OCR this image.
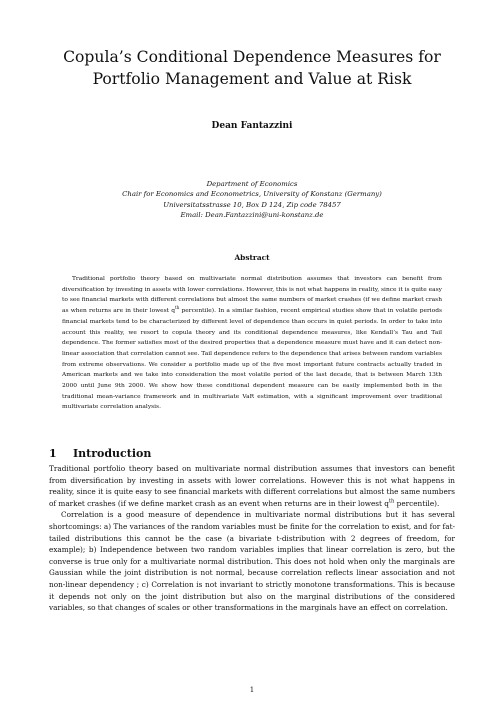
Copula’s Conditional Dependence Measures for
Portfolio Management and Value at Risk
Dean Fantazzini
Department of Economics
Chair for Economics and Econometrics, University of Konstanz (Germany)
Universitatsstrasse 10, Box D 124, Zip code 78457
Email: Dean.Fantazzini@uni-konstanz.de
Abstract

Traditional portfolio theory based on multivariate normal distribution assumes that investors can benefit from diversification by investing in assets with lower correlations. However, this is not what happens in reality, since it is quite easy to see financial markets with different correlations but almost the same numbers of market crashes (if we define market crash as when returns are in their lowest $q^{th}$ percentile). In a similar fashion, recent empirical studies show that in volatile periods financial markets tend to be characterized by different level of dependence than occurs in quiet periods. In order to take into account this reality, we resort to copula theory and its conditional dependence measures, like Kendall’s Tau and Tail dependence. The former satisfies most of the desired properties that a dependence measure must have and it can detect non-linear association that correlation cannot see. Tail dependence refers to the dependence that arises between random variables from extreme observations. We consider a portfolio made up of the five most important future contracts actually traded in American markets and we take into consideration the most volatile period of the last decade, that is between March 13th 2000 until June 9th 2000. We show how these conditional dependent measure can be easily implemented both in the traditional mean-variance framework and in multivariate VaR estimation, with a significant improvement over traditional multivariate correlation analysis.

1 Introduction

Traditional portfolio theory based on multivariate normal distribution assumes that investors can benefit from diversification by investing in assets with lower correlations. However this is not what happens in reality, since it is quite easy to see financial markets with different correlations but almost the same numbers of market crashes (if we define market crash as an event when returns are in their lowest $q^{th}$ percentile).

Correlation is a good measure of dependence in multivariate normal distributions but it has several shortcomings: a) The variances of the random variables must be finite for the correlation to exist, and for fat-tailed distributions this cannot be the case (a bivariate t-distribution with 2 degrees of freedom, for example); b) Independence between two random variables implies that linear correlation is zero, but the converse is true only for a multivariate normal distribution. This does not hold when only the marginals are Gaussian while the joint distribution is not normal, because correlation reflects linear association and not non-linear dependency ; c) Correlation is not invariant to strictly monotone transformations. This is because it depends not only on the joint distribution but also on the marginal distributions of the considered variables, so that changes of scales or other transformations in the marginals have an effect on correlation.

1
